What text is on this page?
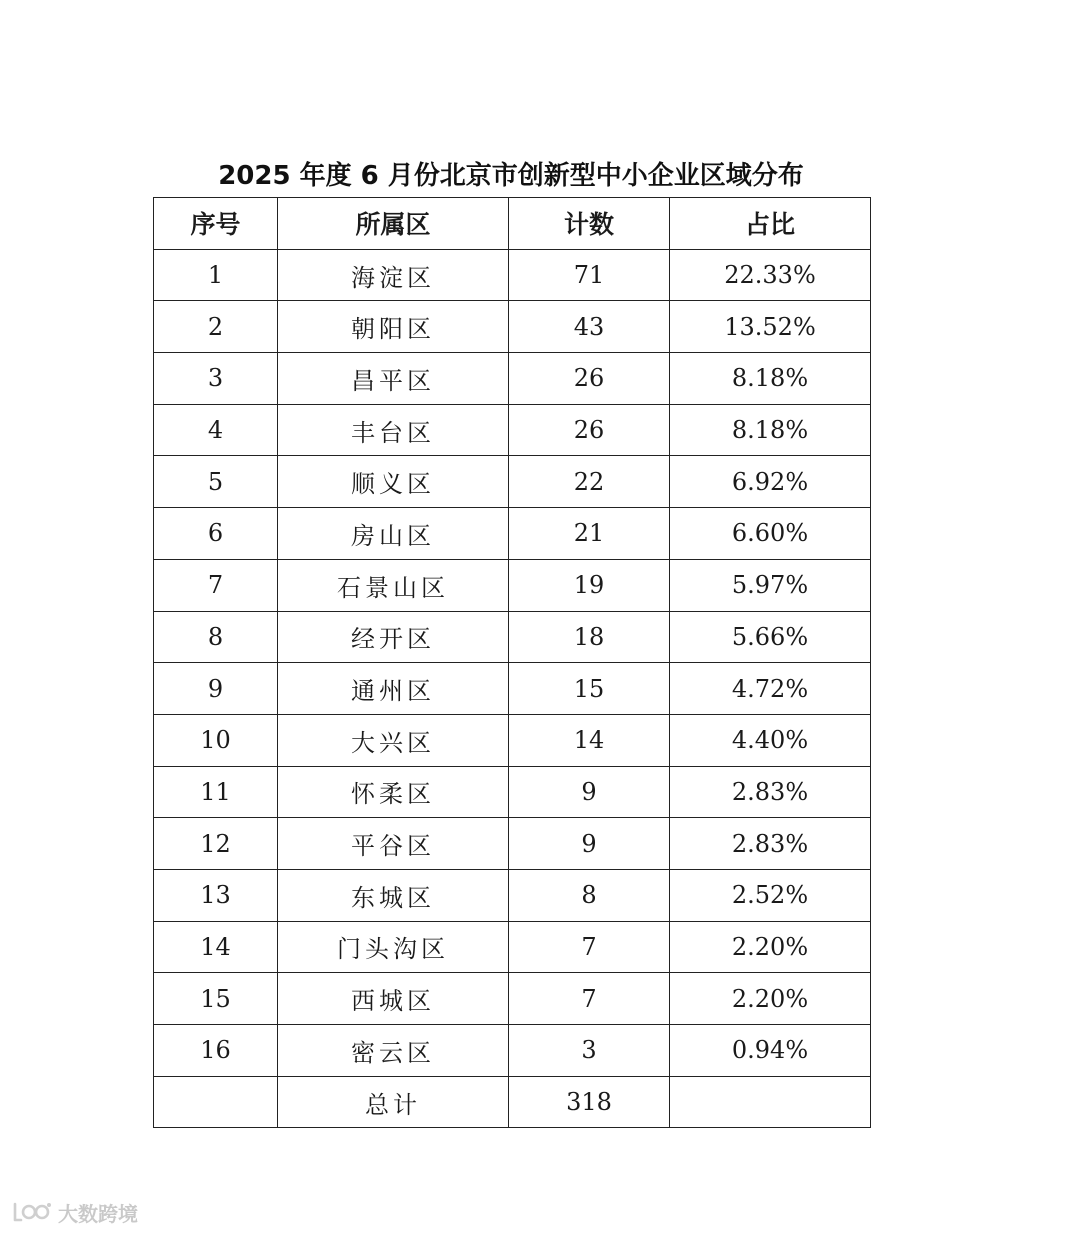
2025 年度 6 月份北京市创新型中小企业区域分布
序号	所属区	计数	占比
1	海淀区	71	22.33%
2	朝阳区	43	13.52%
3	昌平区	26	8.18%
4	丰台区	26	8.18%
5	顺义区	22	6.92%
6	房山区	21	6.60%
7	石景山区	19	5.97%
8	经开区	18	5.66%
9	通州区	15	4.72%
10	大兴区	14	4.40%
11	怀柔区	9	2.83%
12	平谷区	9	2.83%
13	东城区	8	2.52%
14	门头沟区	7	2.20%
15	西城区	7	2.20%
16	密云区	3	0.94%
	总计	318	
大数跨境
